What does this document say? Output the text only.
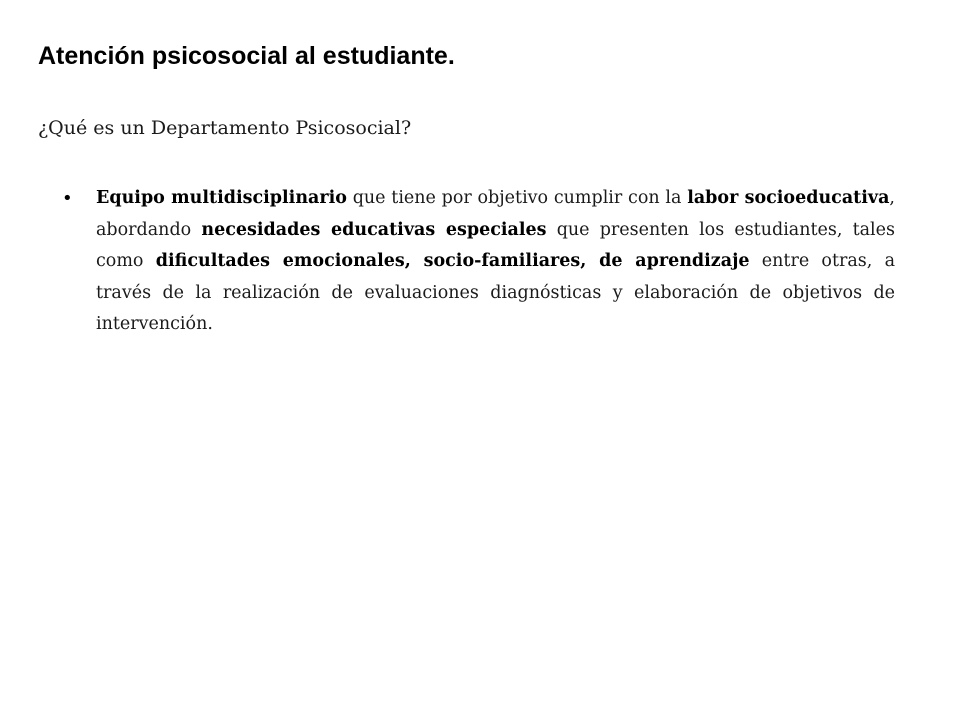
Atención psicosocial al estudiante.

¿Qué es un Departamento Psicosocial?

• Equipo multidisciplinario que tiene por objetivo cumplir con la labor socioeducativa, abordando necesidades educativas especiales que presenten los estudiantes, tales como dificultades emocionales, socio-familiares, de aprendizaje entre otras, a través de la realización de evaluaciones diagnósticas y elaboración de objetivos de intervención.
